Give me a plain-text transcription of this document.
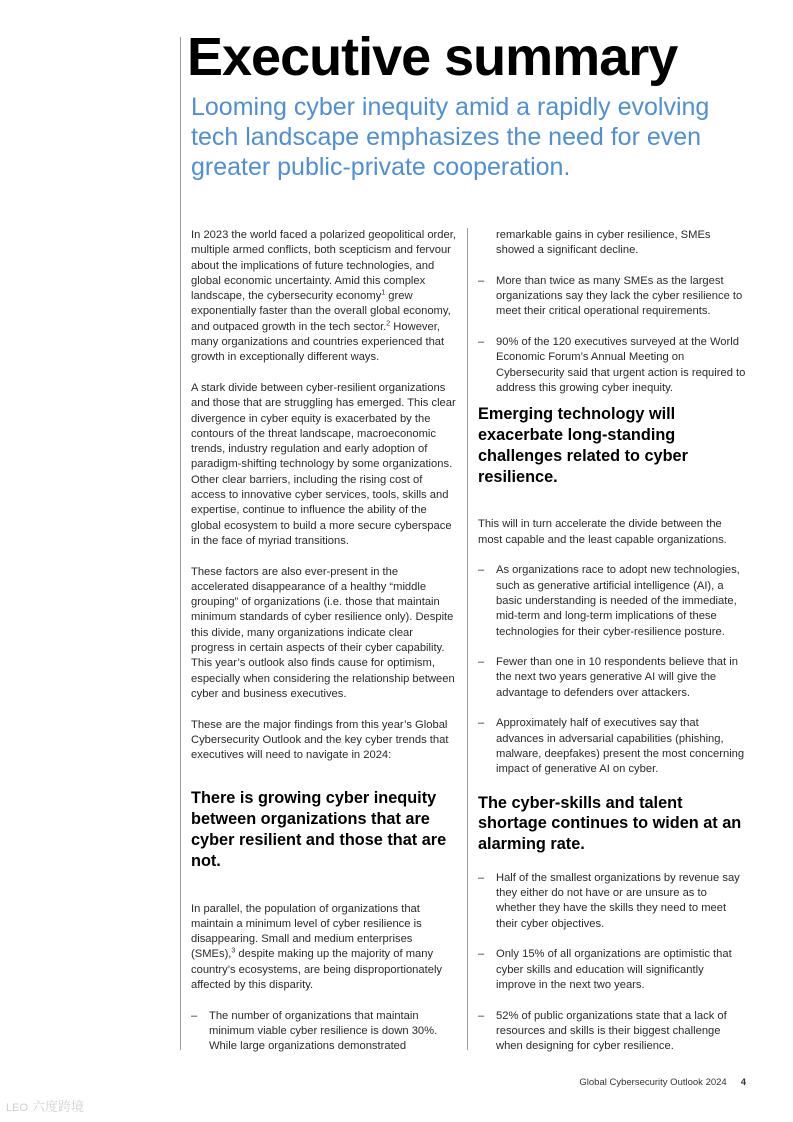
Executive summary
Looming cyber inequity amid a rapidly evolving tech landscape emphasizes the need for even greater public-private cooperation.

In 2023 the world faced a polarized geopolitical order, multiple armed conflicts, both scepticism and fervour about the implications of future technologies, and global economic uncertainty. Amid this complex landscape, the cybersecurity economy$^1$ grew exponentially faster than the overall global economy, and outpaced growth in the tech sector.$^2$ However, many organizations and countries experienced that growth in exceptionally different ways.

A stark divide between cyber-resilient organizations and those that are struggling has emerged. This clear divergence in cyber equity is exacerbated by the contours of the threat landscape, macroeconomic trends, industry regulation and early adoption of paradigm-shifting technology by some organizations. Other clear barriers, including the rising cost of access to innovative cyber services, tools, skills and expertise, continue to influence the ability of the global ecosystem to build a more secure cyberspace in the face of myriad transitions.

These factors are also ever-present in the accelerated disappearance of a healthy “middle grouping” of organizations (i.e. those that maintain minimum standards of cyber resilience only). Despite this divide, many organizations indicate clear progress in certain aspects of their cyber capability. This year’s outlook also finds cause for optimism, especially when considering the relationship between cyber and business executives.

These are the major findings from this year’s Global Cybersecurity Outlook and the key cyber trends that executives will need to navigate in 2024:

There is growing cyber inequity between organizations that are cyber resilient and those that are not.

In parallel, the population of organizations that maintain a minimum level of cyber resilience is disappearing. Small and medium enterprises (SMEs),$^3$ despite making up the majority of many country’s ecosystems, are being disproportionately affected by this disparity.

– The number of organizations that maintain minimum viable cyber resilience is down 30%. While large organizations demonstrated
remarkable gains in cyber resilience, SMEs showed a significant decline.
– More than twice as many SMEs as the largest organizations say they lack the cyber resilience to meet their critical operational requirements.
– 90% of the 120 executives surveyed at the World Economic Forum’s Annual Meeting on Cybersecurity said that urgent action is required to address this growing cyber inequity.
Emerging technology will exacerbate long-standing challenges related to cyber resilience.

This will in turn accelerate the divide between the most capable and the least capable organizations.

– As organizations race to adopt new technologies, such as generative artificial intelligence (AI), a basic understanding is needed of the immediate, mid-term and long-term implications of these technologies for their cyber-resilience posture.
– Fewer than one in 10 respondents believe that in the next two years generative AI will give the advantage to defenders over attackers.
– Approximately half of executives say that advances in adversarial capabilities (phishing, malware, deepfakes) present the most concerning impact of generative AI on cyber.
The cyber-skills and talent shortage continues to widen at an alarming rate.
– Half of the smallest organizations by revenue say they either do not have or are unsure as to whether they have the skills they need to meet their cyber objectives.
– Only 15% of all organizations are optimistic that cyber skills and education will significantly improve in the next two years.
– 52% of public organizations state that a lack of resources and skills is their biggest challenge when designing for cyber resilience.
Global Cybersecurity Outlook 2024 4
LEO 六度跨境
